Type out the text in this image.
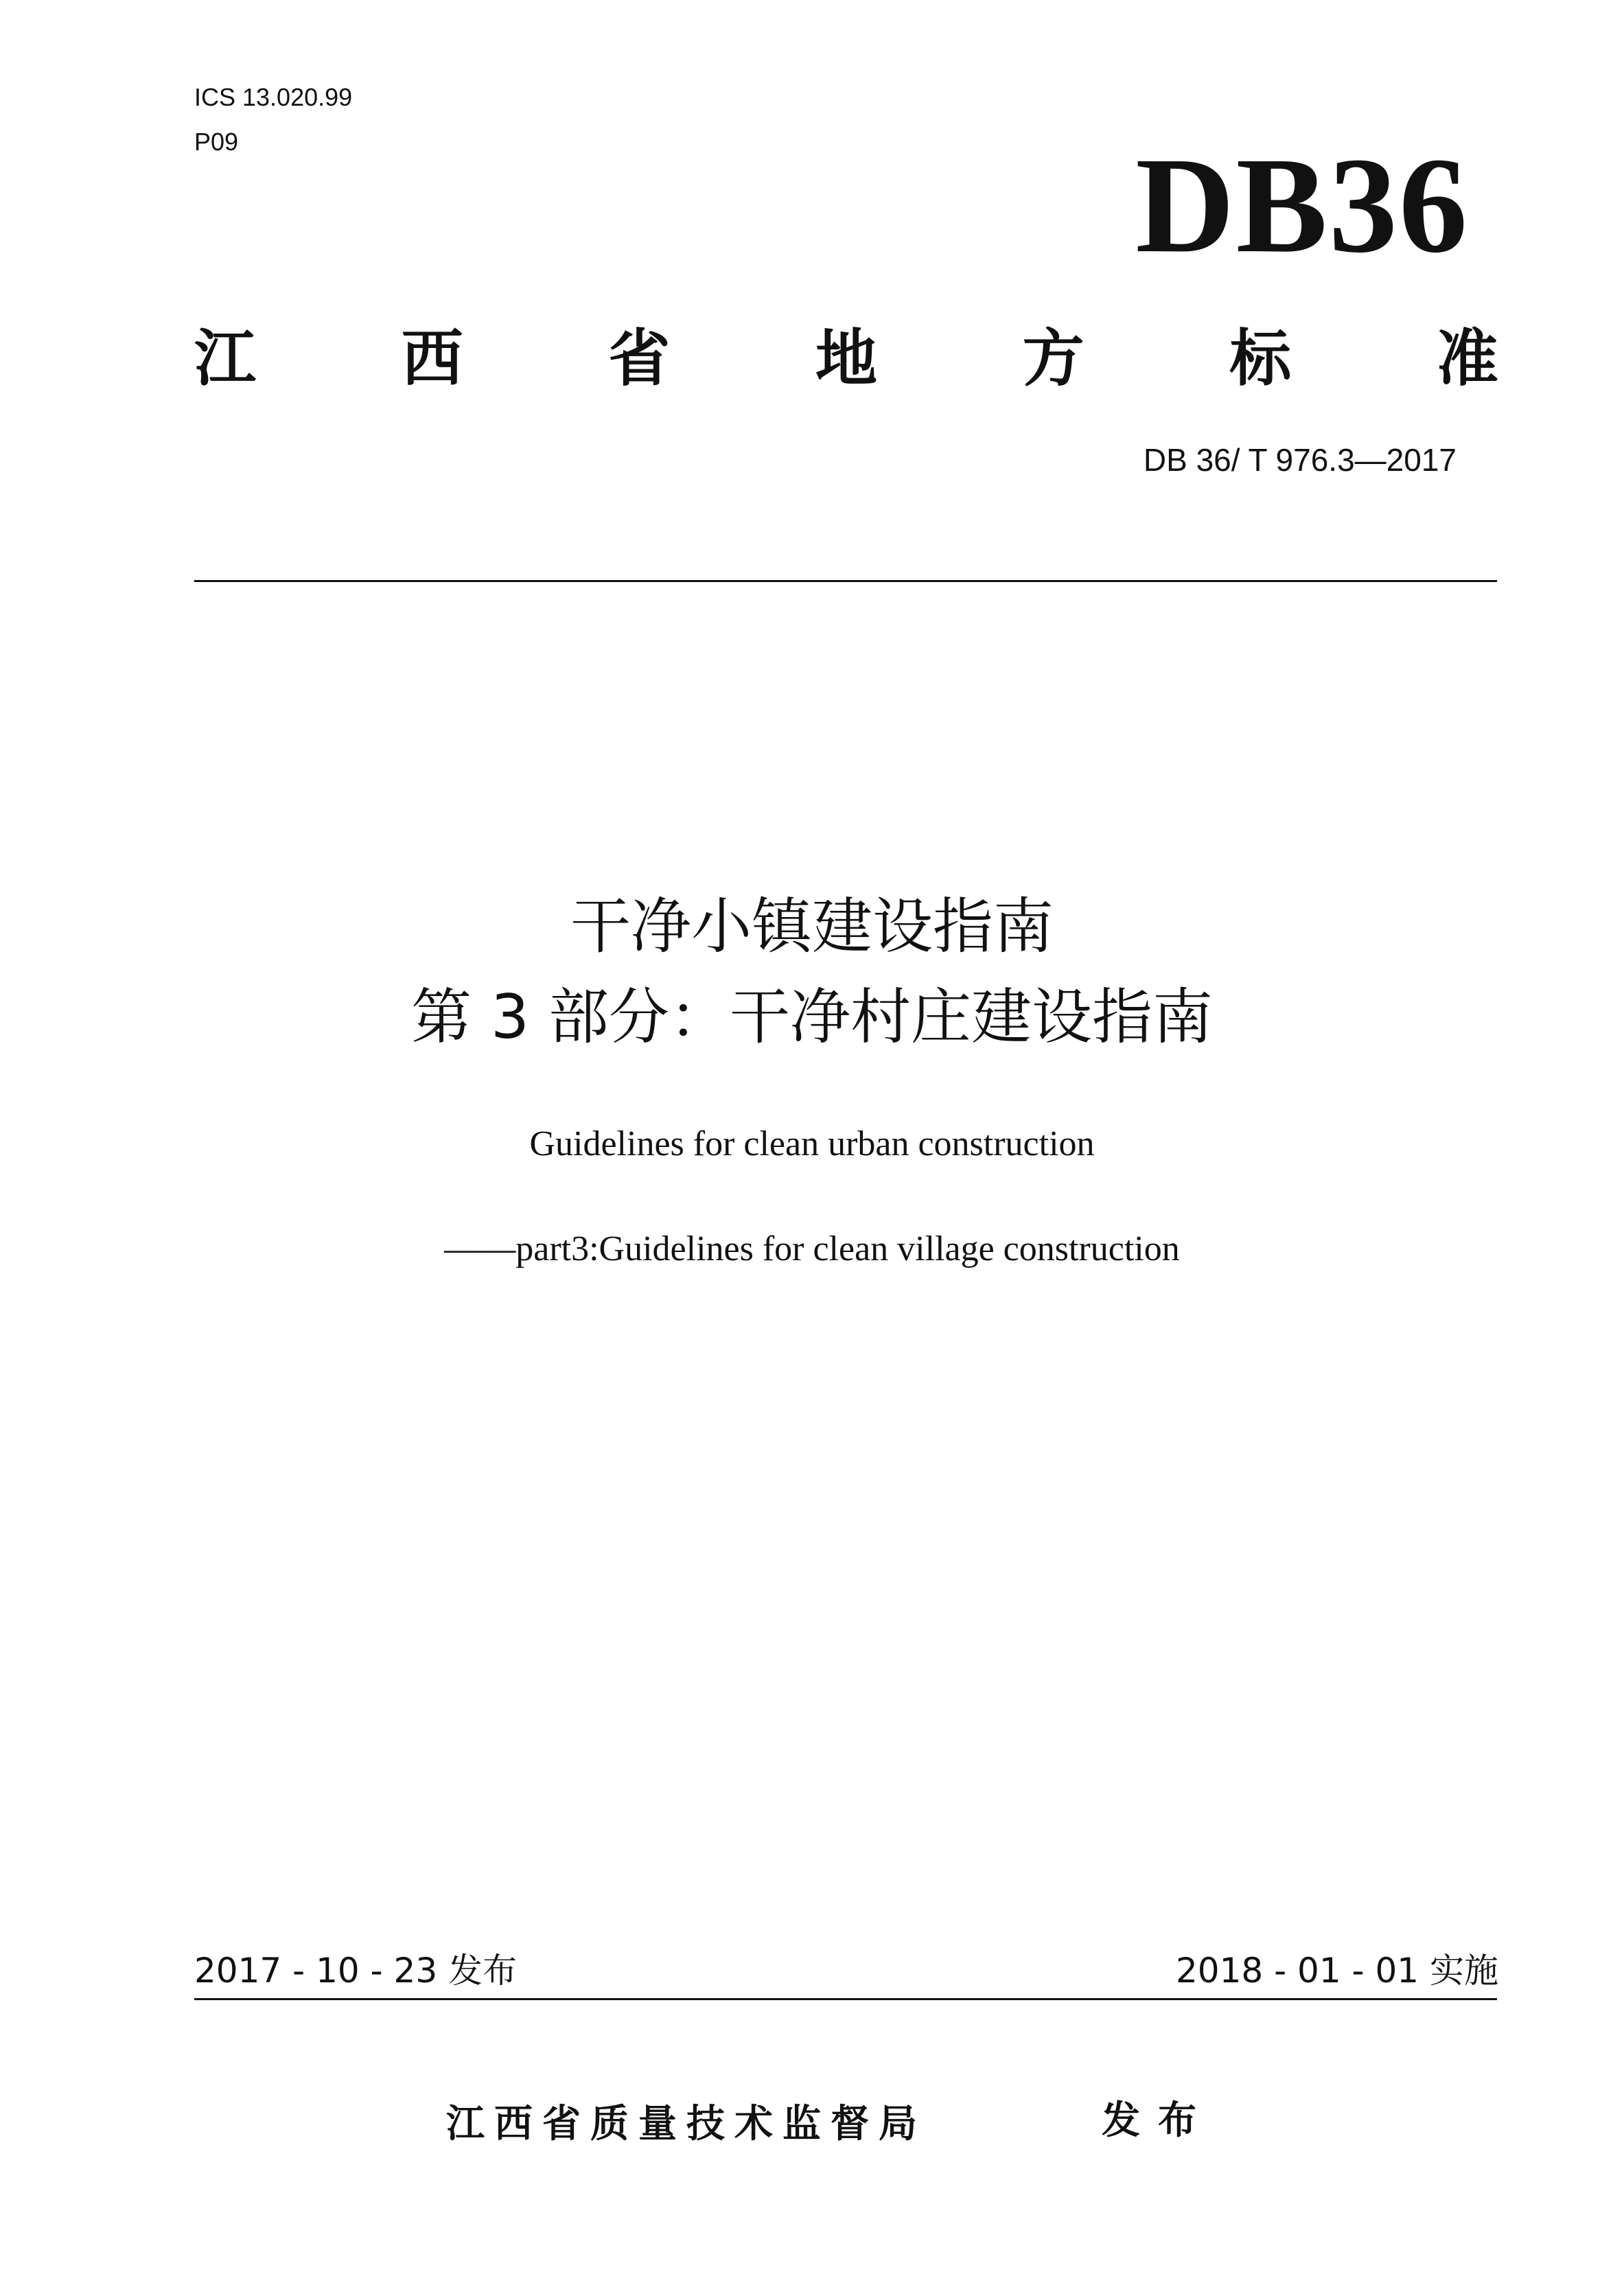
ICS 13.020.99
P09	DB36
江 西 省 地 方 标 准
DB 36/ T 976.3—2017
干净小镇建设指南
第 3 部分：干净村庄建设指南
Guidelines for clean urban construction
——part3:Guidelines for clean village construction
2017 - 10 - 23 发布	2018 - 01 - 01 实施
江西省质量技术监督局	发布
